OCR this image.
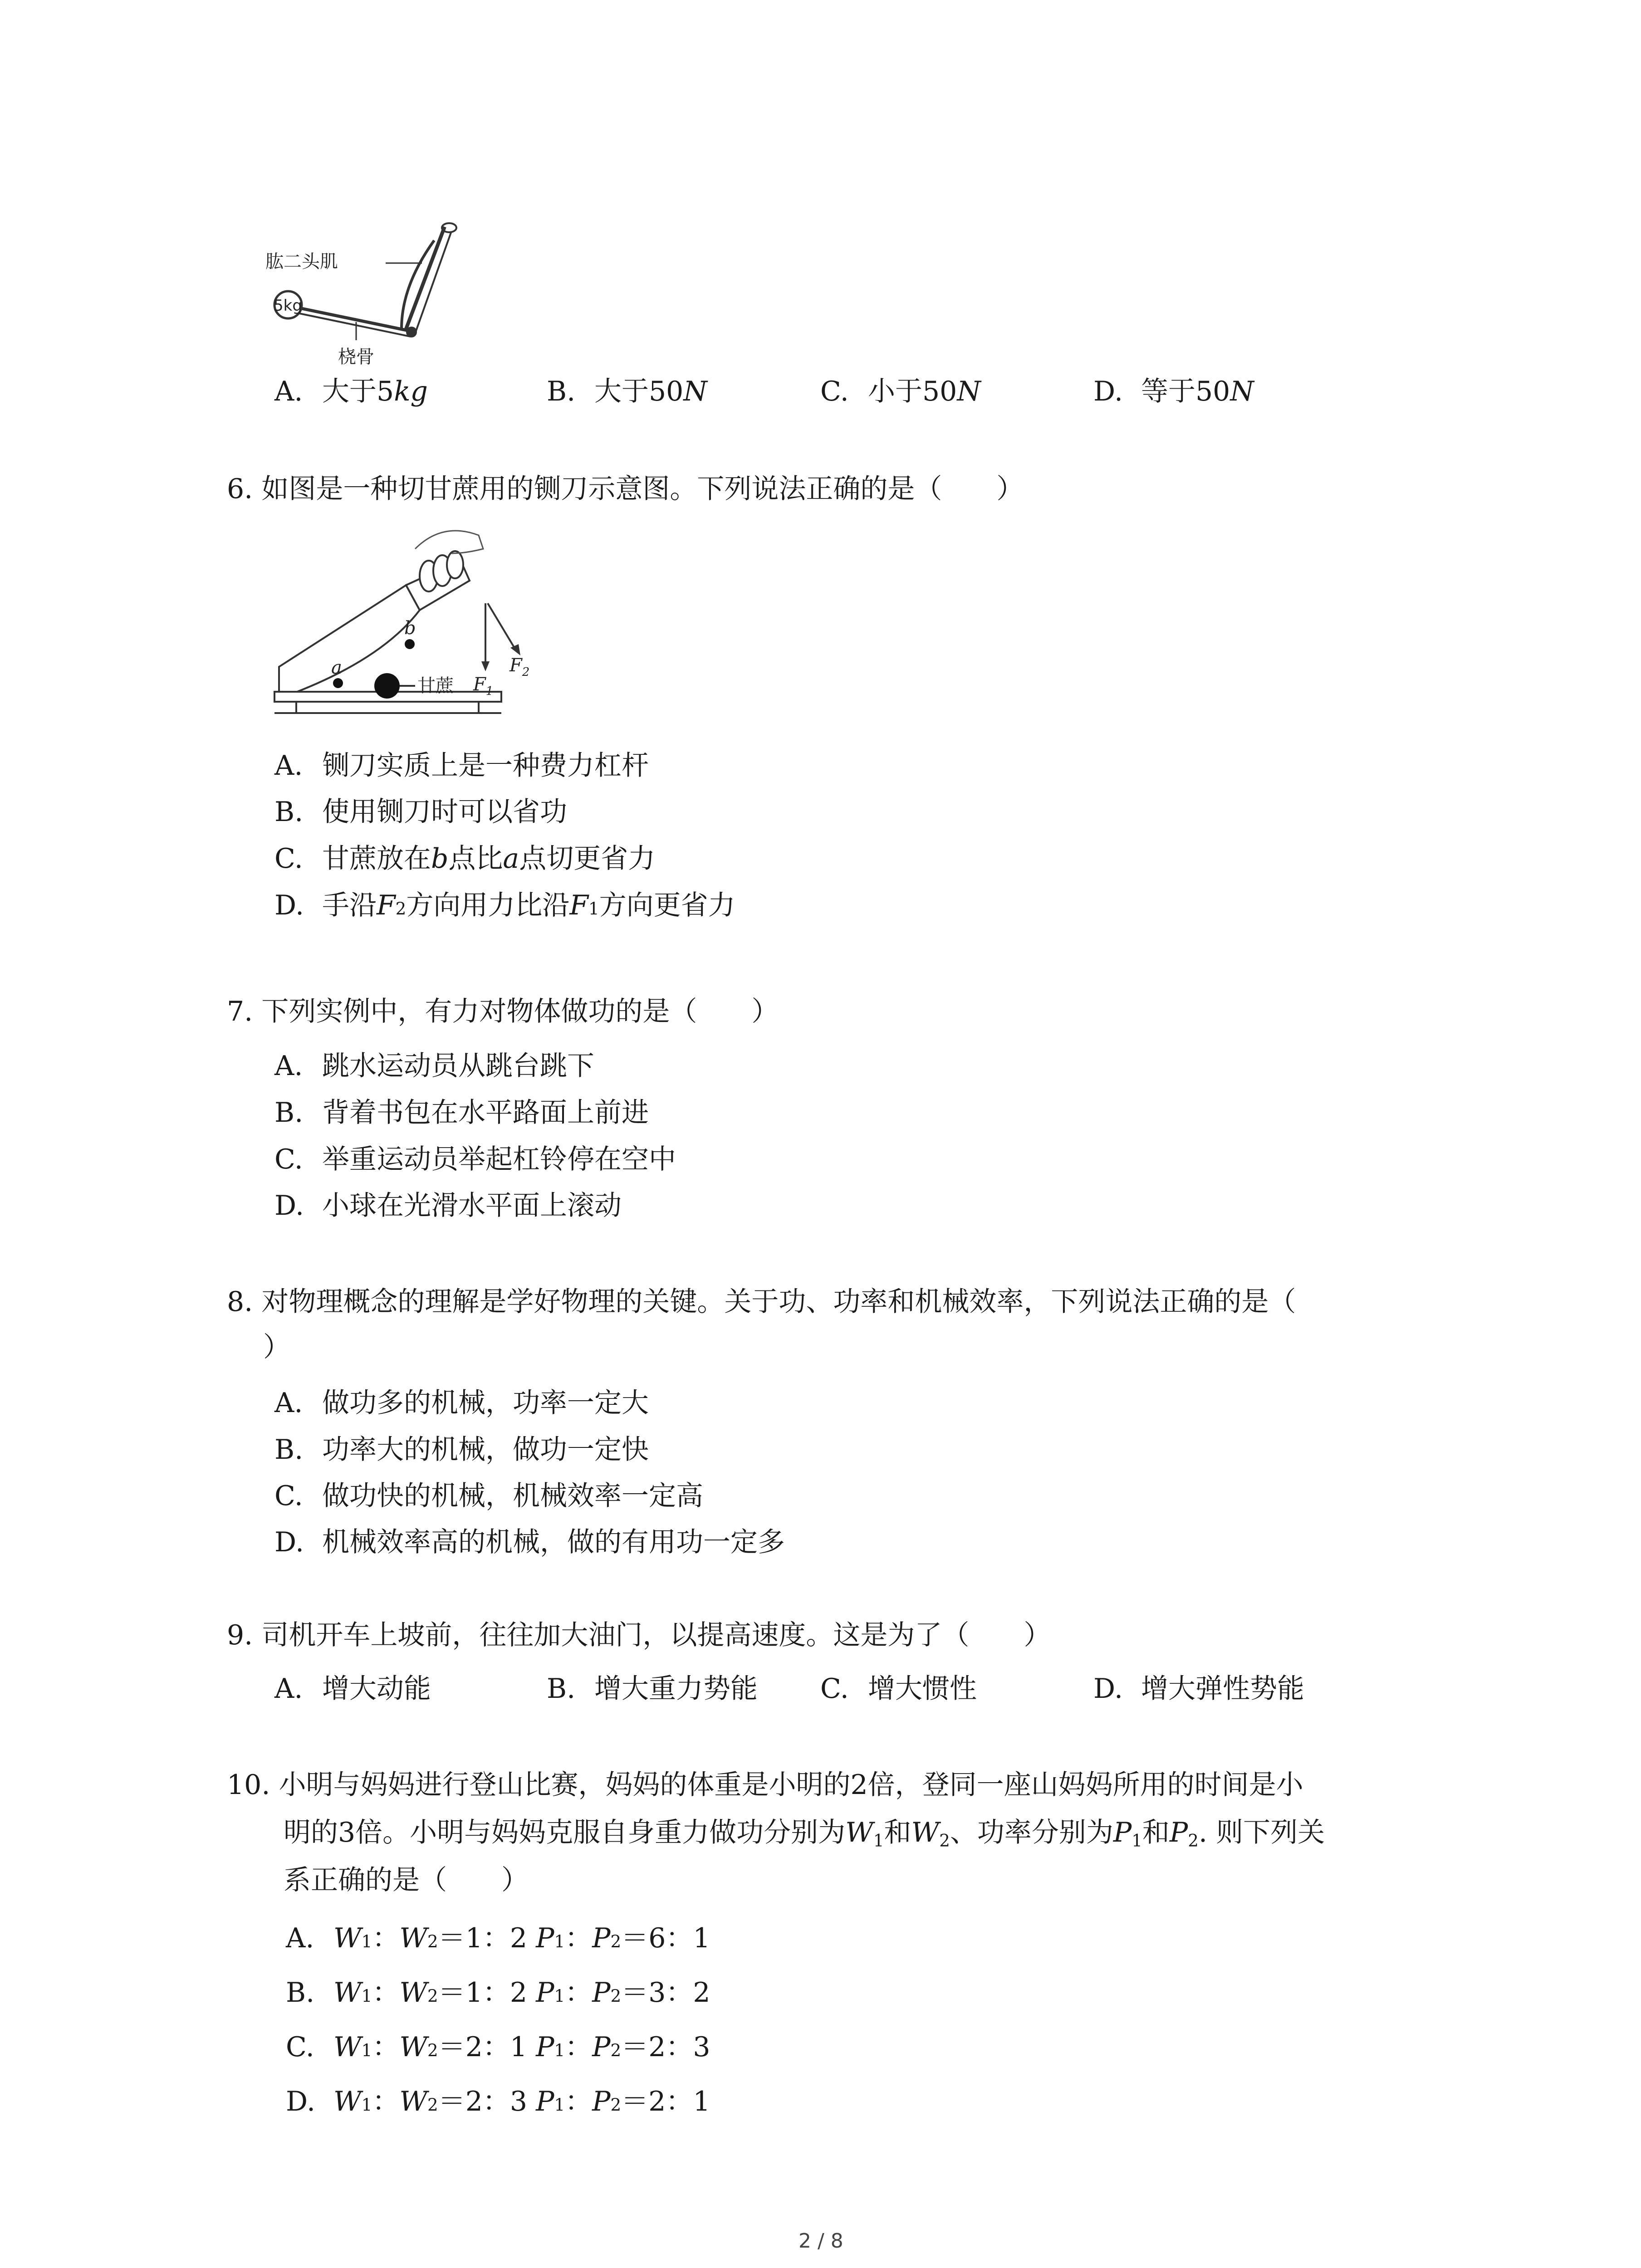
肱二头肌
5kg
桡骨
A. 大于5 kg	B. 大于50 N	C. 小于50 N	D. 等于50 N
6. 如图是一种切甘蔗用的铡刀示意图。下列说法正确的是（　　）
a
b
$F_1$
$F_2$
甘蔗
A. 铡刀实质上是一种费力杠杆
B. 使用铡刀时可以省功
C. 甘蔗放在 b 点比 a 点切更省力
D. 手沿 F 2 方向用力比沿 F 1 方向更省力
7. 下列实例中，有力对物体做功的是（　　）
A. 跳水运动员从跳台跳下
B. 背着书包在水平路面上前进
C. 举重运动员举起杠铃停在空中
D. 小球在光滑水平面上滚动
8. 对物理概念的理解是学好物理的关键。关于功、功率和机械效率，下列说法正确的是（
）
A. 做功多的机械，功率一定大
B. 功率大的机械，做功一定快
C. 做功快的机械，机械效率一定高
D. 机械效率高的机械，做的有用功一定多
9. 司机开车上坡前，往往加大油门，以提高速度。这是为了（　　）
A. 增大动能	B. 增大重力势能 C. 增大惯性	D. 增大弹性势能
10. 小明与妈妈进行登山比赛，妈妈的体重是小明的2倍，登同一座山妈妈所用的时间是小
明的3倍。小明与妈妈克服自身重力做功分别为$W_1$和$W_2$、功率分别为$P_1$和$P_2$. 则下列关
系正确的是（　　）
A. W 1 ： W 2 ＝ 1：2
P 1 ： P 2 ＝ 6：1
B. W 1 ： W 2 ＝ 1：2
P 1 ： P 2 ＝ 3：2
C. W 1 ： W 2 ＝ 2：1
P 1 ： P 2 ＝ 2：3
D. W 1 ： W 2 ＝ 2：3
P 1 ： P 2 ＝ 2：1
2 / 8
